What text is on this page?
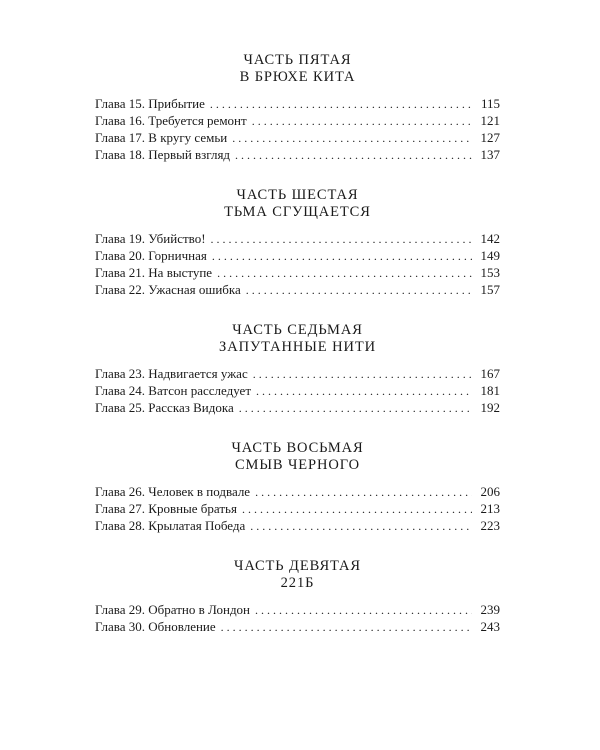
ЧАСТЬ ПЯТАЯ
В БРЮХЕ КИТА
Глава 15. Прибытие . . .	115
Глава 16. Требуется ремонт . . .	121
Глава 17. В кругу семьи . . .	127
Глава 18. Первый взгляд . . .	137
ЧАСТЬ ШЕСТАЯ
ТЬМА СГУЩАЕТСЯ
Глава 19. Убийство! . . .	142
Глава 20. Горничная . . .	149
Глава 21. На выступе . . .	153
Глава 22. Ужасная ошибка . . .	157
ЧАСТЬ СЕДЬМАЯ
ЗАПУТАННЫЕ НИТИ
Глава 23. Надвигается ужас . . .	167
Глава 24. Ватсон расследует . . .	181
Глава 25. Рассказ Видока . . .	192
ЧАСТЬ ВОСЬМАЯ
СМЫВ ЧЕРНОГО
Глава 26. Человек в подвале . . .	206
Глава 27. Кровные братья . . .	213
Глава 28. Крылатая Победа . . .	223
ЧАСТЬ ДЕВЯТАЯ
221Б
Глава 29. Обратно в Лондон . . .	239
Глава 30. Обновление . . .	243
